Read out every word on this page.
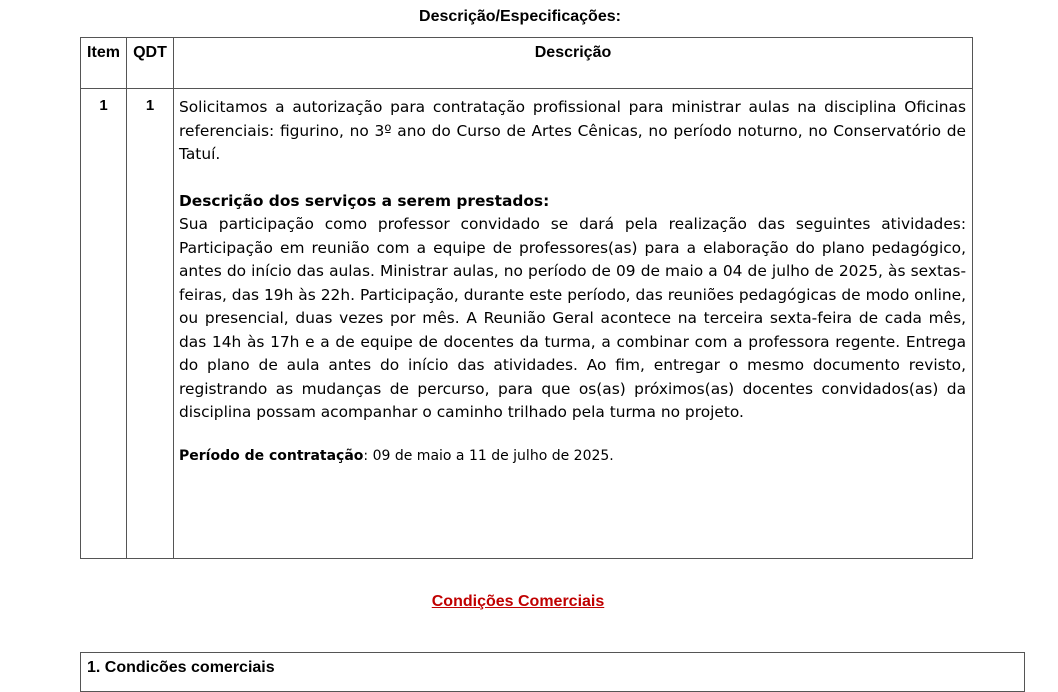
Descrição/Especificações:
Item	QDT	Descrição
1	1	Solicitamos a autorização para contratação profissional para ministrar aulas na disciplina Oficinas referenciais: figurino, no 3º ano do Curso de Artes Cênicas, no período noturno, no Conservatório de Tatuí.

Descrição dos serviços a serem prestados:

Sua participação como professor convidado se dará pela realização das seguintes atividades: Participação em reunião com a equipe de professores(as) para a elaboração do plano pedagógico, antes do início das aulas. Ministrar aulas, no período de 09 de maio a 04 de julho de 2025, às sextas-feiras, das 19h às 22h. Participação, durante este período, das reuniões pedagógicas de modo online, ou presencial, duas vezes por mês. A Reunião Geral acontece na terceira sexta-feira de cada mês, das 14h às 17h e a de equipe de docentes da turma, a combinar com a professora regente. Entrega do plano de aula antes do início das atividades. Ao fim, entregar o mesmo documento revisto, registrando as mudanças de percurso, para que os(as) próximos(as) docentes convidados(as) da disciplina possam acompanhar o caminho trilhado pela turma no projeto.

Período de contratação: 09 de maio a 11 de julho de 2025.

Condições Comerciais
1. Condicões comerciais
